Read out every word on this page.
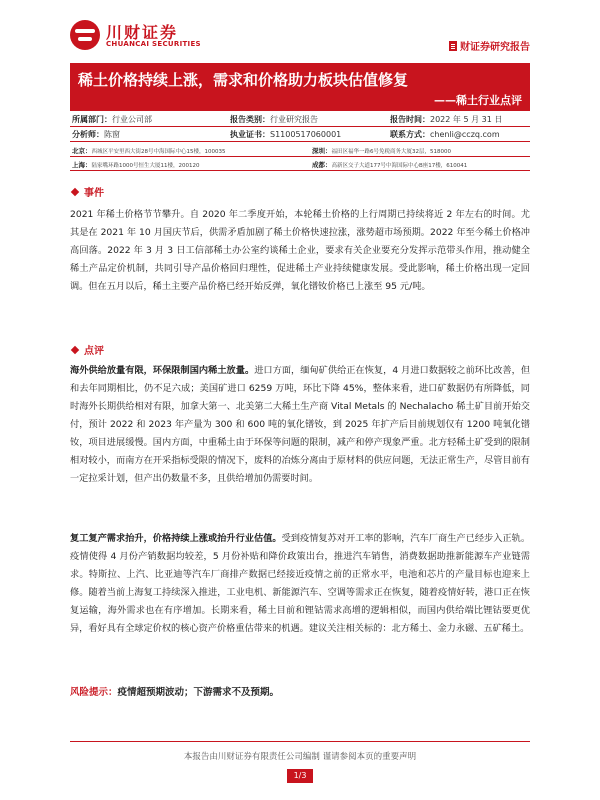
川财证券
CHUANCAI SECURITIES	财证券研究报告
稀土价格持续上涨，需求和价格助力板块估值修复
——稀土行业点评
所属部门：行业公司部	报告类别：行业研究报告	报告时间：2022 年 5 月 31 日
分析师：陈窗	执业证书：S1100517060001	联系方式：chenli@cczq.com
北京：西城区平安里西大街28号中海国际中心15楼，100035	深圳：福田区福华一路6号免税商务大厦32层，518000
上海：陆家嘴环路1000号恒生大厦11楼，200120	成都：高新区交子大道177号中海国际中心B座17楼，610041
事件
2021 年稀土价格节节攀升。自 2020 年二季度开始，本轮稀土价格的上行周期已持续将近 2 年左右的时间。尤其是在 2021 年 10 月国庆节后，供需矛盾加剧了稀土价格快速拉涨，涨势超市场预期。2022 年至今稀土价格冲高回落。2022 年 3 月 3 日工信部稀土办公室约谈稀土企业，要求有关企业要充分发挥示范带头作用，推动健全稀土产品定价机制，共同引导产品价格回归理性，促进稀土产业持续健康发展。受此影响，稀土价格出现一定回调。但在五月以后，稀土主要产品价格已经开始反弹，氧化镨钕价格已上涨至 95 元/吨。
点评
海外供给放量有限，环保限制国内稀土放量。进口方面，缅甸矿供给正在恢复，4 月进口数据较之前环比改善，但和去年同期相比，仍不足六成；美国矿进口 6259 万吨，环比下降 45%，整体来看，进口矿数据仍有所降低，同时海外长期供给相对有限，加拿大第一、北美第二大稀土生产商 Vital Metals 的 Nechalacho 稀土矿目前开始交付，预计 2022 和 2023 年产量为 300 和 600 吨的氧化镨钕，到 2025 年扩产后目前规划仅有 1200 吨氧化镨钕，项目进展缓慢。国内方面，中重稀土由于环保等问题的限制，减产和停产现象严重。北方轻稀土矿受到的限制相对较小，而南方在开采指标受限的情况下，废料的冶炼分离由于原材料的供应问题，无法正常生产，尽管目前有一定拉采计划，但产出仍数量不多，且供给增加仍需要时间。
复工复产需求抬升，价格持续上涨或抬升行业估值。受到疫情复苏对开工率的影响，汽车厂商生产已经步入正轨。疫情使得 4 月份产销数据均较差，5 月份补贴和降价政策出台，推进汽车销售，消费数据助推新能源车产业链需求。特斯拉、上汽、比亚迪等汽车厂商排产数据已经接近疫情之前的正常水平，电池和芯片的产量目标也迎来上修。随着当前上海复工持续深入推进，工业电机、新能源汽车、空调等需求正在恢复，随着疫情好转，港口正在恢复运输，海外需求也在有序增加。长期来看，稀土目前和锂钴需求高增的逻辑相似，而国内供给端比锂钴要更优异，看好具有全球定价权的核心资产价格重估带来的机遇。建议关注相关标的：北方稀土、金力永磁、五矿稀土。
风险提示：疫情超预期波动；下游需求不及预期。
本报告由川财证券有限责任公司编制 谨请参阅本页的重要声明
1/3
